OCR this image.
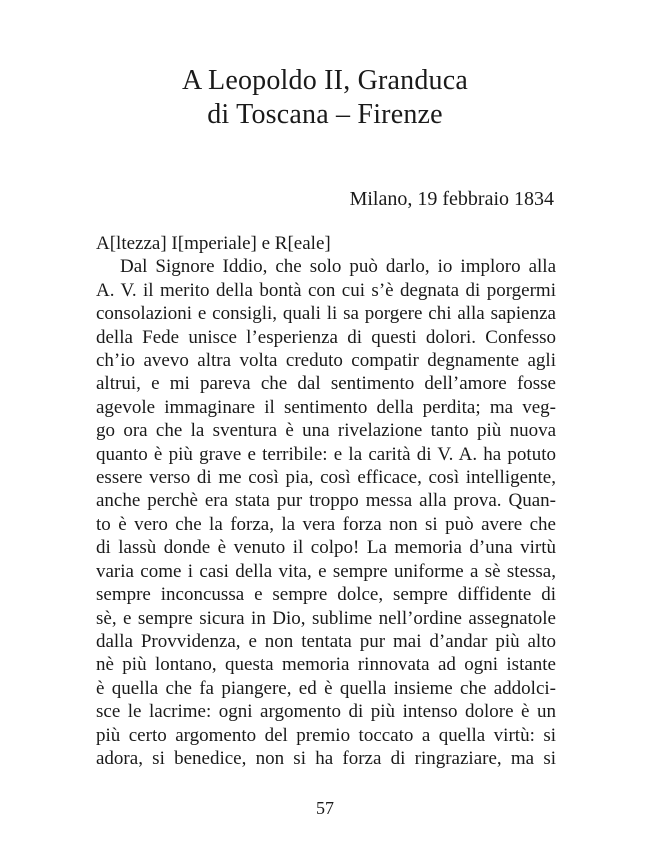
A Leopoldo II, Granduca
di Toscana – Firenze
Milano, 19 febbraio 1834
A[ltezza] I[mperiale] e R[eale]
Dal Signore Iddio, che solo può darlo, io imploro alla
A. V. il merito della bontà con cui s’è degnata di porgermi
consolazioni e consigli, quali li sa porgere chi alla sapienza
della Fede unisce l’esperienza di questi dolori. Confesso
ch’io avevo altra volta creduto compatir degnamente agli
altrui, e mi pareva che dal sentimento dell’amore fosse
agevole immaginare il sentimento della perdita; ma veg-
go ora che la sventura è una rivelazione tanto più nuova
quanto è più grave e terribile: e la carità di V. A. ha potuto
essere verso di me così pia, così efficace, così intelligente,
anche perchè era stata pur troppo messa alla prova. Quan-
to è vero che la forza, la vera forza non si può avere che
di lassù donde è venuto il colpo! La memoria d’una virtù
varia come i casi della vita, e sempre uniforme a sè stessa,
sempre inconcussa e sempre dolce, sempre diffidente di
sè, e sempre sicura in Dio, sublime nell’ordine assegnatole
dalla Provvidenza, e non tentata pur mai d’andar più alto
nè più lontano, questa memoria rinnovata ad ogni istante
è quella che fa piangere, ed è quella insieme che addolci-
sce le lacrime: ogni argomento di più intenso dolore è un
più certo argomento del premio toccato a quella virtù: si
adora, si benedice, non si ha forza di ringraziare, ma si
57
